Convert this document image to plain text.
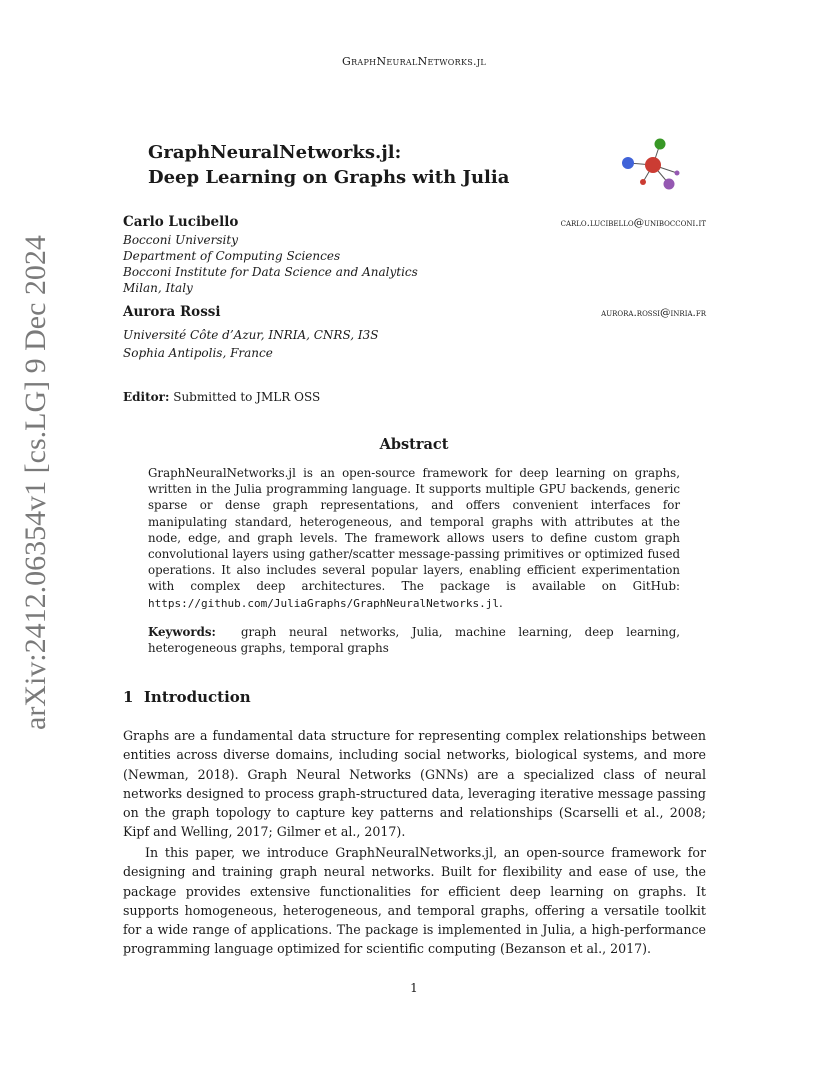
GraphNeuralNetworks.jl
arXiv:2412.06354v1 [cs.LG] 9 Dec 2024
GraphNeuralNetworks.jl:
Deep Learning on Graphs with Julia
Carlo Lucibello	carlo.lucibello@unibocconi.it
Bocconi University
Department of Computing Sciences
Bocconi Institute for Data Science and Analytics
Milan, Italy
Aurora Rossi	aurora.rossi@inria.fr
Université Côte d’Azur, INRIA, CNRS, I3S
Sophia Antipolis, France
Editor: Submitted to JMLR OSS
Abstract
GraphNeuralNetworks.jl is an open-source framework for deep learning on graphs, written in the Julia programming language. It supports multiple GPU backends, generic sparse or dense graph representations, and offers convenient interfaces for manipulating standard, heterogeneous, and temporal graphs with attributes at the node, edge, and graph levels. The framework allows users to define custom graph convolutional layers using gather/scatter message-passing primitives or optimized fused operations. It also includes several popular layers, enabling efficient experimentation with complex deep architectures. The package is available on GitHub: https://github.com/JuliaGraphs/GraphNeuralNetworks.jl.
Keywords: graph neural networks, Julia, machine learning, deep learning, heterogeneous graphs, temporal graphs
1 Introduction
Graphs are a fundamental data structure for representing complex relationships between entities across diverse domains, including social networks, biological systems, and more (Newman, 2018). Graph Neural Networks (GNNs) are a specialized class of neural networks designed to process graph-structured data, leveraging iterative message passing on the graph topology to capture key patterns and relationships (Scarselli et al., 2008; Kipf and Welling, 2017; Gilmer et al., 2017).
In this paper, we introduce GraphNeuralNetworks.jl, an open-source framework for designing and training graph neural networks. Built for flexibility and ease of use, the package provides extensive functionalities for efficient deep learning on graphs. It supports homogeneous, heterogeneous, and temporal graphs, offering a versatile toolkit for a wide range of applications. The package is implemented in Julia, a high-performance programming language optimized for scientific computing (Bezanson et al., 2017).
1
